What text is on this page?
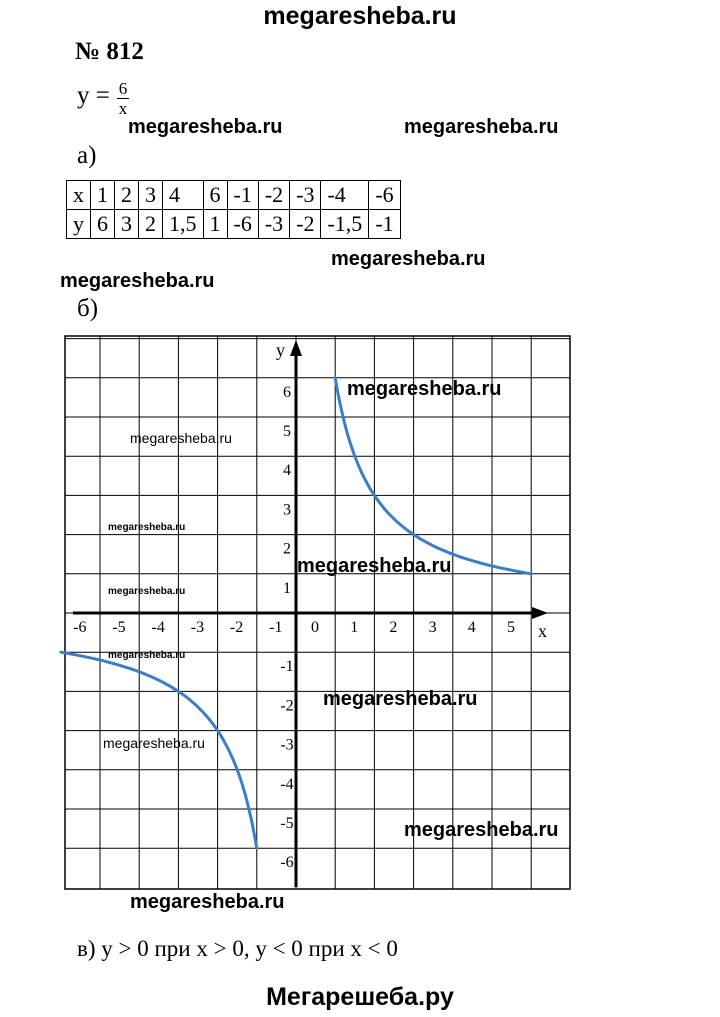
megaresheba.ru
№ 812
y = 6
x
megaresheba.ru	megaresheba.ru
а)
x	1	2	3	4	6	-1	-2	-3	-4	-6
y	6	3	2	1,5	1	-6	-3	-2	-1,5	-1
megaresheba.ru
megaresheba.ru
б)
x
y
-6 -5 -4 -3 -2 -1 0 1 2 3 4 5
6
5
4
3
2
1
-1
-2
-3
-4
-5
-6
megaresheba.ru
megaresheba.ru
megaresheba.ru
megaresheba.ru
megaresheba.ru
megaresheba.ru
megaresheba.ru
megaresheba.ru
megaresheba.ru
megaresheba.ru
в) y > 0 при x > 0, y < 0 при x < 0
Мегарешеба.ру
